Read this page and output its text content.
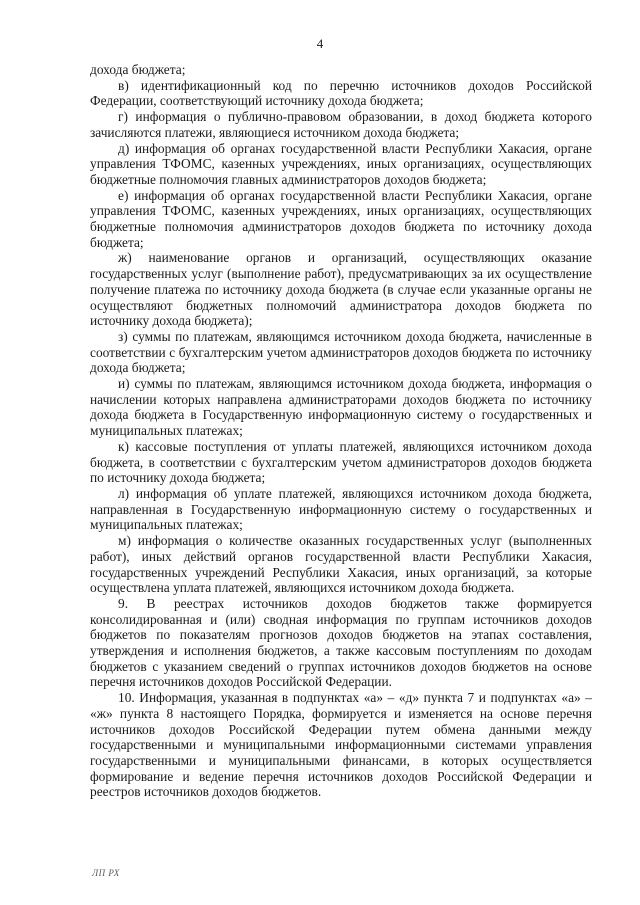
4

дохода бюджета;

в) идентификационный код по перечню источников доходов Российской Федерации, соответствующий источнику дохода бюджета;

г) информация о публично-правовом образовании, в доход бюджета которого зачисляются платежи, являющиеся источником дохода бюджета;

д) информация об органах государственной власти Республики Хакасия, органе управления ТФОМС, казенных учреждениях, иных организациях, осуществляющих бюджетные полномочия главных администраторов доходов бюджета;

е) информация об органах государственной власти Республики Хакасия, органе управления ТФОМС, казенных учреждениях, иных организациях, осуществляющих бюджетные полномочия администраторов доходов бюджета по источнику дохода бюджета;

ж) наименование органов и организаций, осуществляющих оказание государственных услуг (выполнение работ), предусматривающих за их осуществление получение платежа по источнику дохода бюджета (в случае если указанные органы не осуществляют бюджетных полномочий администратора доходов бюджета по источнику дохода бюджета);

з) суммы по платежам, являющимся источником дохода бюджета, начисленные в соответствии с бухгалтерским учетом администраторов доходов бюджета по источнику дохода бюджета;

и) суммы по платежам, являющимся источником дохода бюджета, информация о начислении которых направлена администраторами доходов бюджета по источнику дохода бюджета в Государственную информационную систему о государственных и муниципальных платежах;

к) кассовые поступления от уплаты платежей, являющихся источником дохода бюджета, в соответствии с бухгалтерским учетом администраторов доходов бюджета по источнику дохода бюджета;

л) информация об уплате платежей, являющихся источником дохода бюджета, направленная в Государственную информационную систему о государственных и муниципальных платежах;

м) информация о количестве оказанных государственных услуг (выполненных работ), иных действий органов государственной власти Республики Хакасия, государственных учреждений Республики Хакасия, иных организаций, за которые осуществлена уплата платежей, являющихся источником дохода бюджета.

9. В реестрах источников доходов бюджетов также формируется консолидированная и (или) сводная информация по группам источников доходов бюджетов по показателям прогнозов доходов бюджетов на этапах составления, утверждения и исполнения бюджетов, а также кассовым поступлениям по доходам бюджетов с указанием сведений о группах источников доходов бюджетов на основе перечня источников доходов Российской Федерации.

10. Информация, указанная в подпунктах «а» – «д» пункта 7 и подпунктах «а» – «ж» пункта 8 настоящего Порядка, формируется и изменяется на основе перечня источников доходов Российской Федерации путем обмена данными между государственными и муниципальными информационными системами управления государственными и муниципальными финансами, в которых осуществляется формирование и ведение перечня источников доходов Российской Федерации и реестров источников доходов бюджетов.

ЛП РХ
